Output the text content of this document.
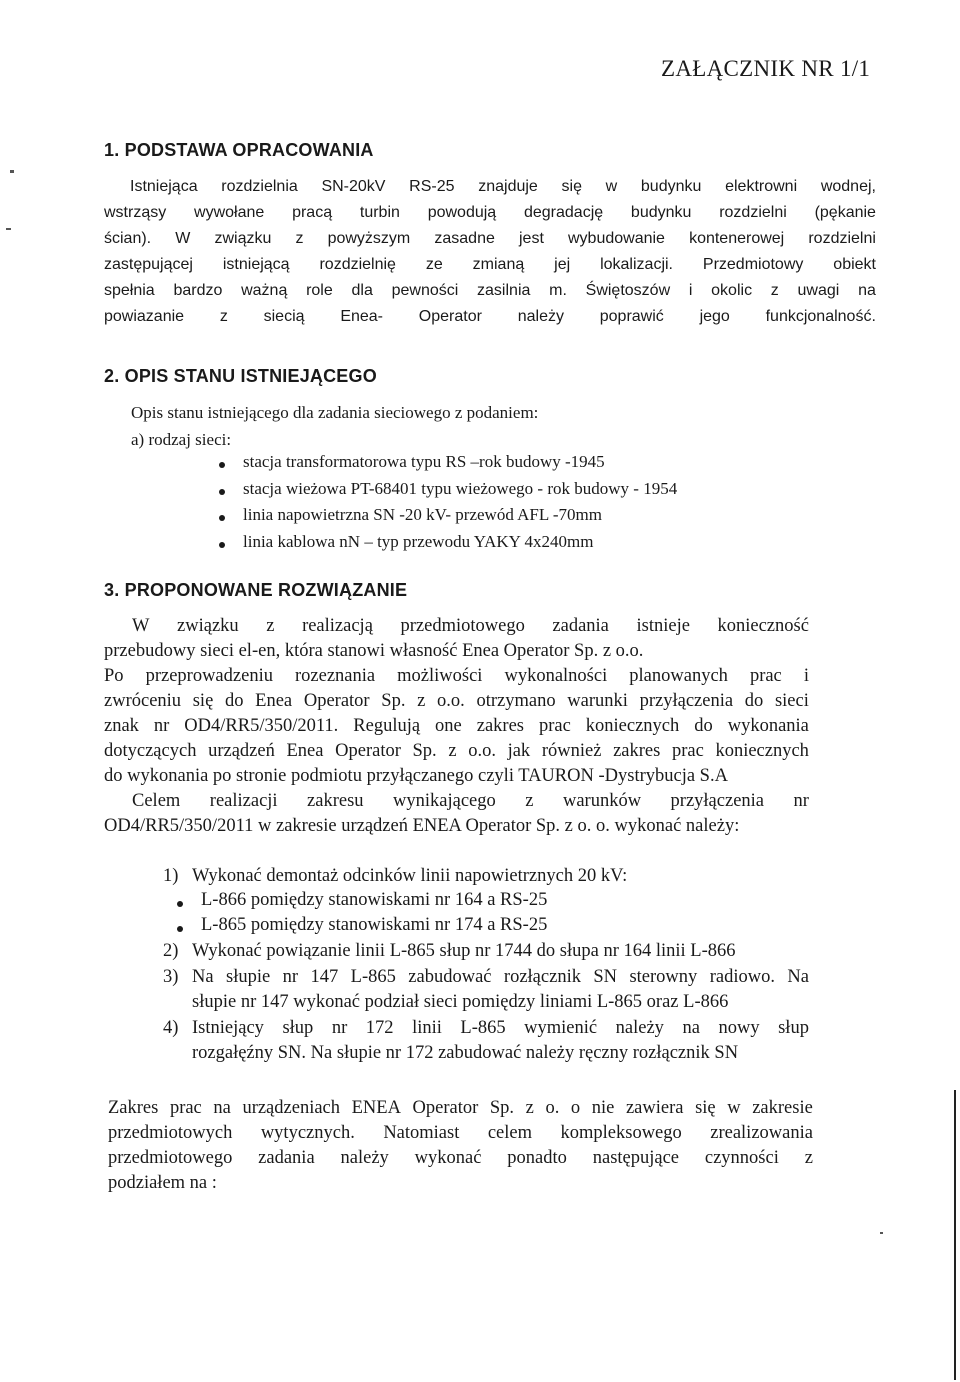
ZAŁĄCZNIK NR 1/1
1. PODSTAWA OPRACOWANIA
Istniejąca rozdzielnia SN-20kV RS-25 znajduje się w budynku elektrowni wodnej,
wstrząsy wywołane pracą turbin powodują degradację budynku rozdzielni (pękanie
ścian). W związku z powyższym zasadne jest wybudowanie kontenerowej rozdzielni
zastępującej istniejącą rozdzielnię ze zmianą jej lokalizacji. Przedmiotowy obiekt
spełnia bardzo ważną role dla pewności zasilnia m. Świętoszów i okolic z uwagi na
powiazanie z siecią Enea- Operator należy poprawić jego funkcjonalność.
2. OPIS STANU ISTNIEJĄCEGO
Opis stanu istniejącego dla zadania sieciowego z podaniem:
a) rodzaj sieci:
stacja transformatorowa typu RS –rok budowy -1945
stacja wieżowa PT-68401 typu wieżowego - rok budowy - 1954
linia napowietrzna SN -20 kV- przewód AFL -70mm
linia kablowa nN – typ przewodu YAKY 4x240mm
3. PROPONOWANE ROZWIĄZANIE
W związku z realizacją przedmiotowego zadania istnieje konieczność
przebudowy sieci el-en, która stanowi własność Enea Operator Sp. z o.o.
Po przeprowadzeniu rozeznania możliwości wykonalności planowanych prac i
zwróceniu się do Enea Operator Sp. z o.o. otrzymano warunki przyłączenia do sieci
znak nr OD4/RR5/350/2011. Regulują one zakres prac koniecznych do wykonania
dotyczących urządzeń Enea Operator Sp. z o.o. jak również zakres prac koniecznych
do wykonania po stronie podmiotu przyłączanego czyli TAURON -Dystrybucja S.A
Celem realizacji zakresu wynikającego z warunków przyłączenia nr
OD4/RR5/350/2011 w zakresie urządzeń ENEA Operator Sp. z o. o. wykonać należy:
1) Wykonać demontaż odcinków linii napowietrznych 20 kV:
L-866 pomiędzy stanowiskami nr 164 a RS-25
L-865 pomiędzy stanowiskami nr 174 a RS-25
2) Wykonać powiązanie linii L-865 słup nr 1744 do słupa nr 164 linii L-866
3) Na słupie nr 147 L-865 zabudować rozłącznik SN sterowny radiowo. Na
słupie nr 147 wykonać podział sieci pomiędzy liniami L-865 oraz L-866
4) Istniejący słup nr 172 linii L-865 wymienić należy na nowy słup
rozgałęźny SN. Na słupie nr 172 zabudować należy ręczny rozłącznik SN
Zakres prac na urządzeniach ENEA Operator Sp. z o. o nie zawiera się w zakresie
przedmiotowych wytycznych. Natomiast celem kompleksowego zrealizowania
przedmiotowego zadania należy wykonać ponadto następujące czynności z
podziałem na :
